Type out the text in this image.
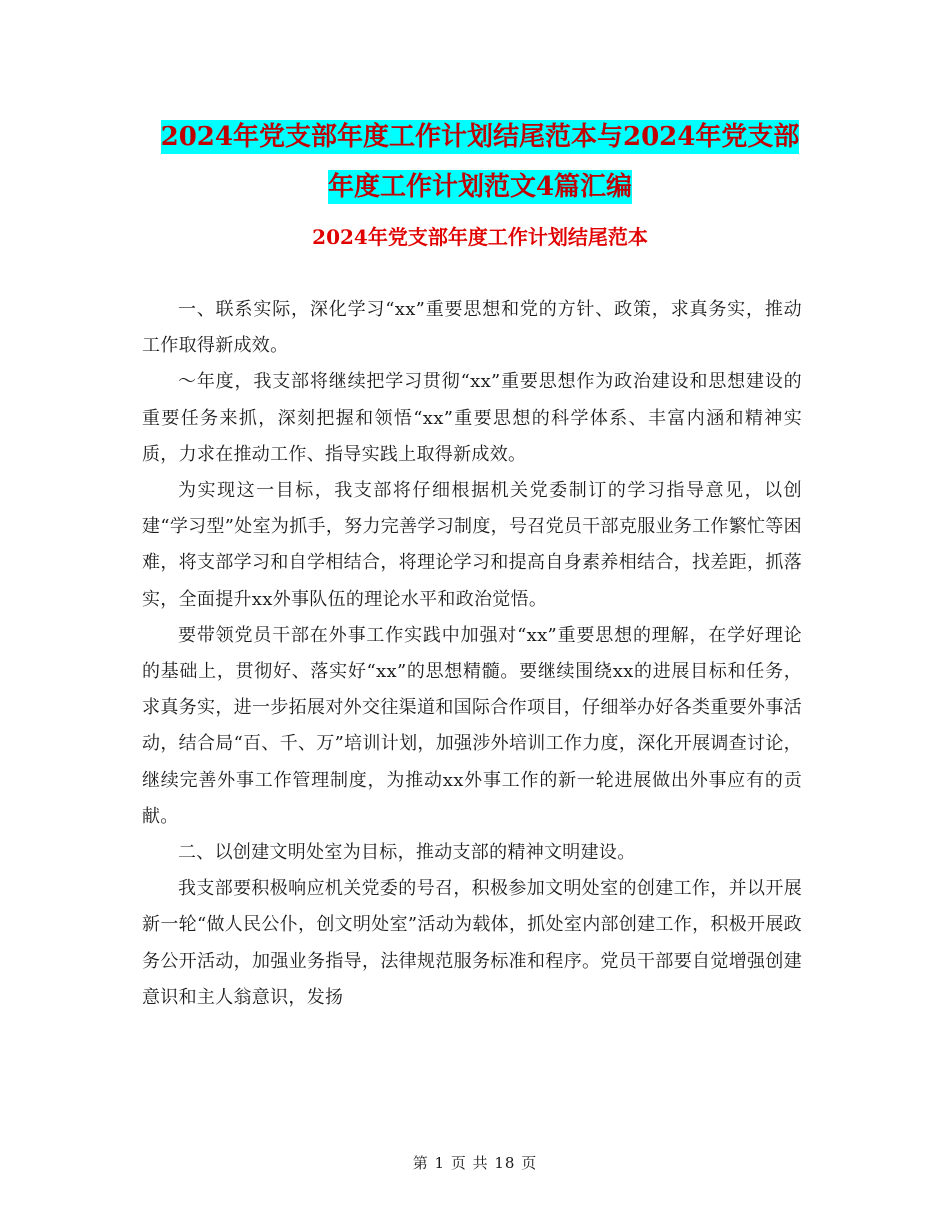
2024年党支部年度工作计划结尾范本与2024年党支部
年度工作计划范文4篇汇编
2024年党支部年度工作计划结尾范本

一、联系实际，深化学习“xx”重要思想和党的方针、政策，求真务实，推动工作取得新成效。

～年度，我支部将继续把学习贯彻“xx”重要思想作为政治建设和思想建设的重要任务来抓，深刻把握和领悟“xx”重要思想的科学体系、丰富内涵和精神实质，力求在推动工作、指导实践上取得新成效。

为实现这一目标，我支部将仔细根据机关党委制订的学习指导意见，以创建“学习型”处室为抓手，努力完善学习制度，号召党员干部克服业务工作繁忙等困难，将支部学习和自学相结合，将理论学习和提高自身素养相结合，找差距，抓落实，全面提升xx外事队伍的理论水平和政治觉悟。

要带领党员干部在外事工作实践中加强对“xx”重要思想的理解，在学好理论的基础上，贯彻好、落实好“xx”的思想精髓。要继续围绕xx的进展目标和任务，求真务实，进一步拓展对外交往渠道和国际合作项目，仔细举办好各类重要外事活动，结合局“百、千、万”培训计划，加强涉外培训工作力度，深化开展调查讨论，继续完善外事工作管理制度，为推动xx外事工作的新一轮进展做出外事应有的贡献。

二、以创建文明处室为目标，推动支部的精神文明建设。

我支部要积极响应机关党委的号召，积极参加文明处室的创建工作，并以开展新一轮“做人民公仆，创文明处室”活动为载体，抓处室内部创建工作，积极开展政务公开活动，加强业务指导，法律规范服务标准和程序。党员干部要自觉增强创建意识和主人翁意识，发扬

第 1 页 共 18 页
